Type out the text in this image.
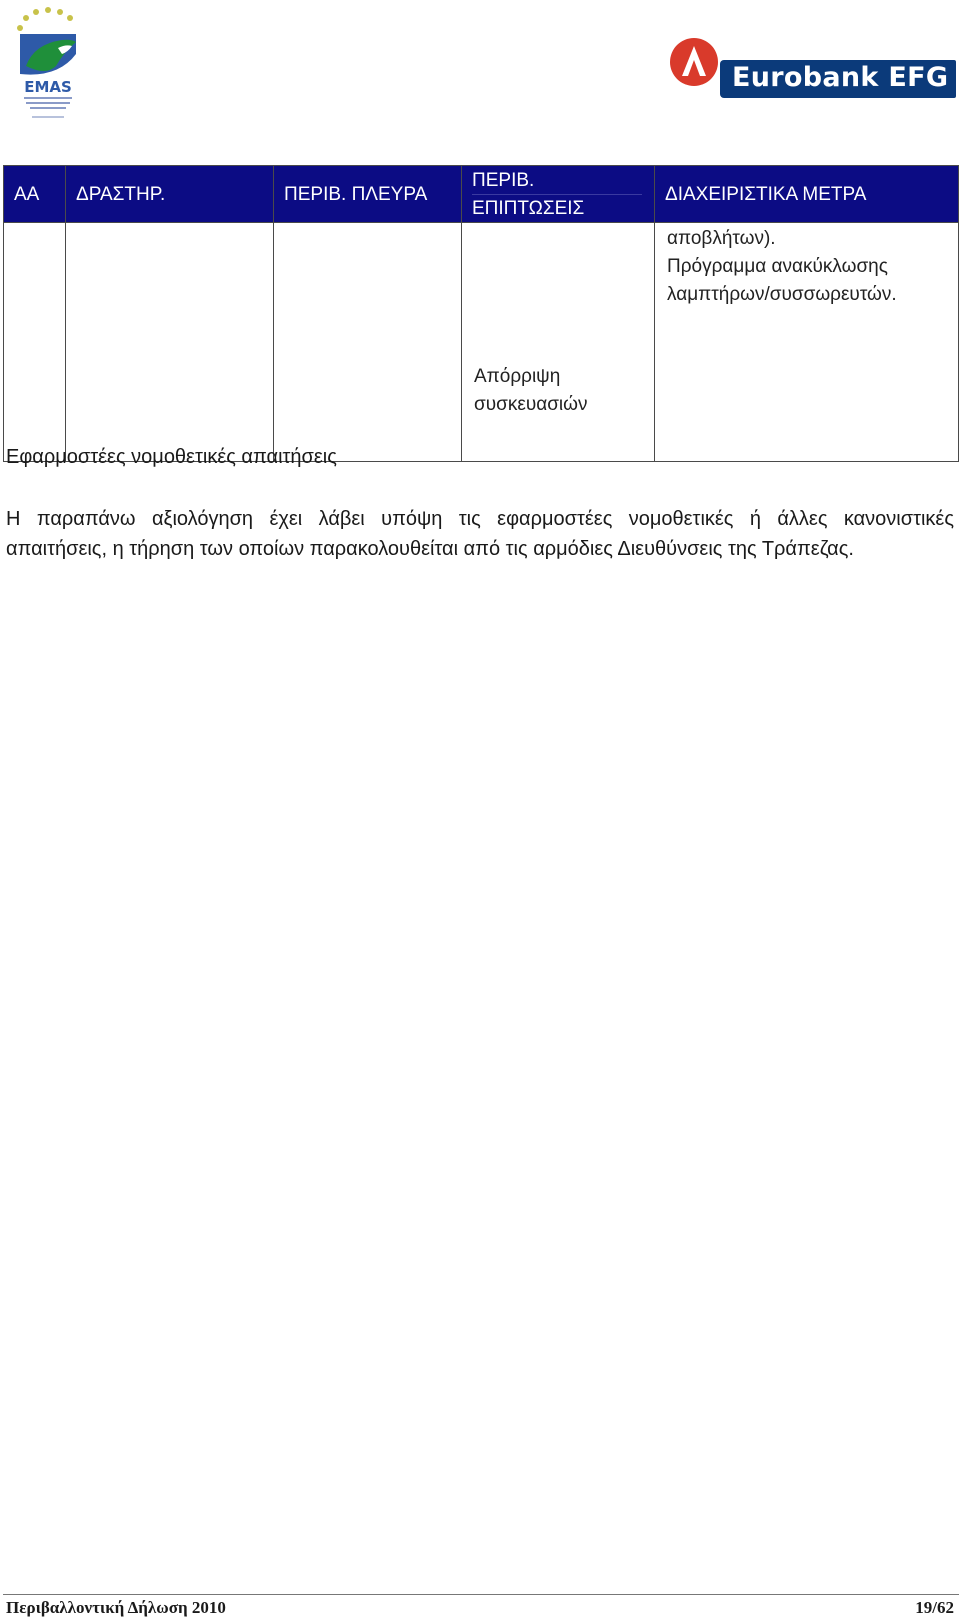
EMAS	Eurobank EFG
AA	ΔΡΑΣΤΗΡ.	ΠΕΡΙΒ. ΠΛΕΥΡΑ	ΠΕΡΙΒ.
ΕΠΙΠΤΩΣΕΙΣ	ΔΙΑΧΕΙΡΙΣΤΙΚΑ ΜΕΤΡΑ

			Απόρριψη
συσκευασιών	αποβλήτων).
Πρόγραμμα ανακύκλωσης
λαμπτήρων/συσσωρευτών.
Εφαρμοστέες νομοθετικές απαιτήσεις

Η παραπάνω αξιολόγηση έχει λάβει υπόψη τις εφαρμοστέες νομοθετικές ή άλλες κανονιστικές
απαιτήσεις, η τήρηση των οποίων παρακολουθείται από τις αρμόδιες Διευθύνσεις της Τράπεζας.

Περιβαλλοντική Δήλωση 2010	19/62
